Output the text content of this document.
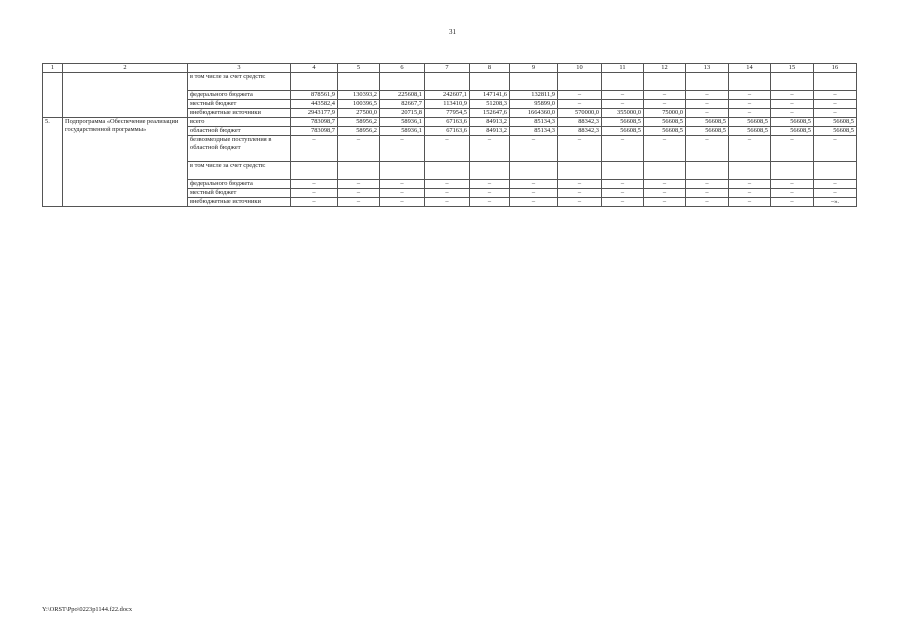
31
1	2	3	4	5	6	7	8	9	10	11	12	13	14	15	16
		в том числе за счет средств:													
		федерального бюджета	878561,9	130393,2	225608,1	242607,1	147141,6	132811,9	–	–	–	–	–	–	–
		местный бюджет	443582,4	100396,5	82667,7	113410,9	51208,3	95899,0	–	–	–	–	–	–	–
		внебюджетные источники	2943177,9	27500,0	20715,8	77954,5	152647,6	1664360,0	570000,0	355000,0	75000,0	–	–	–	–
5.	Подпрограмма «Обеспечение реализации государственной программы»	всего	783098,7	58956,2	58936,1	67163,6	84913,2	85134,3	88342,3	56608,5	56608,5	56608,5	56608,5	56608,5	56608,5
		областной бюджет	783098,7	58956,2	58936,1	67163,6	84913,2	85134,3	88342,3	56608,5	56608,5	56608,5	56608,5	56608,5	56608,5
		безвозмездные поступления в областной бюджет	–	–	–	–	–	–	–	–	–	–	–	–	–
		в том числе за счет средств:													
		федерального бюджета	–	–	–	–	–	–	–	–	–	–	–	–	–
		местный бюджет	–	–	–	–	–	–	–	–	–	–	–	–	–
		внебюджетные источники	–	–	–	–	–	–	–	–	–	–	–	–	–».
Y:\ORST\Ppo\0223p1144.f22.docx
